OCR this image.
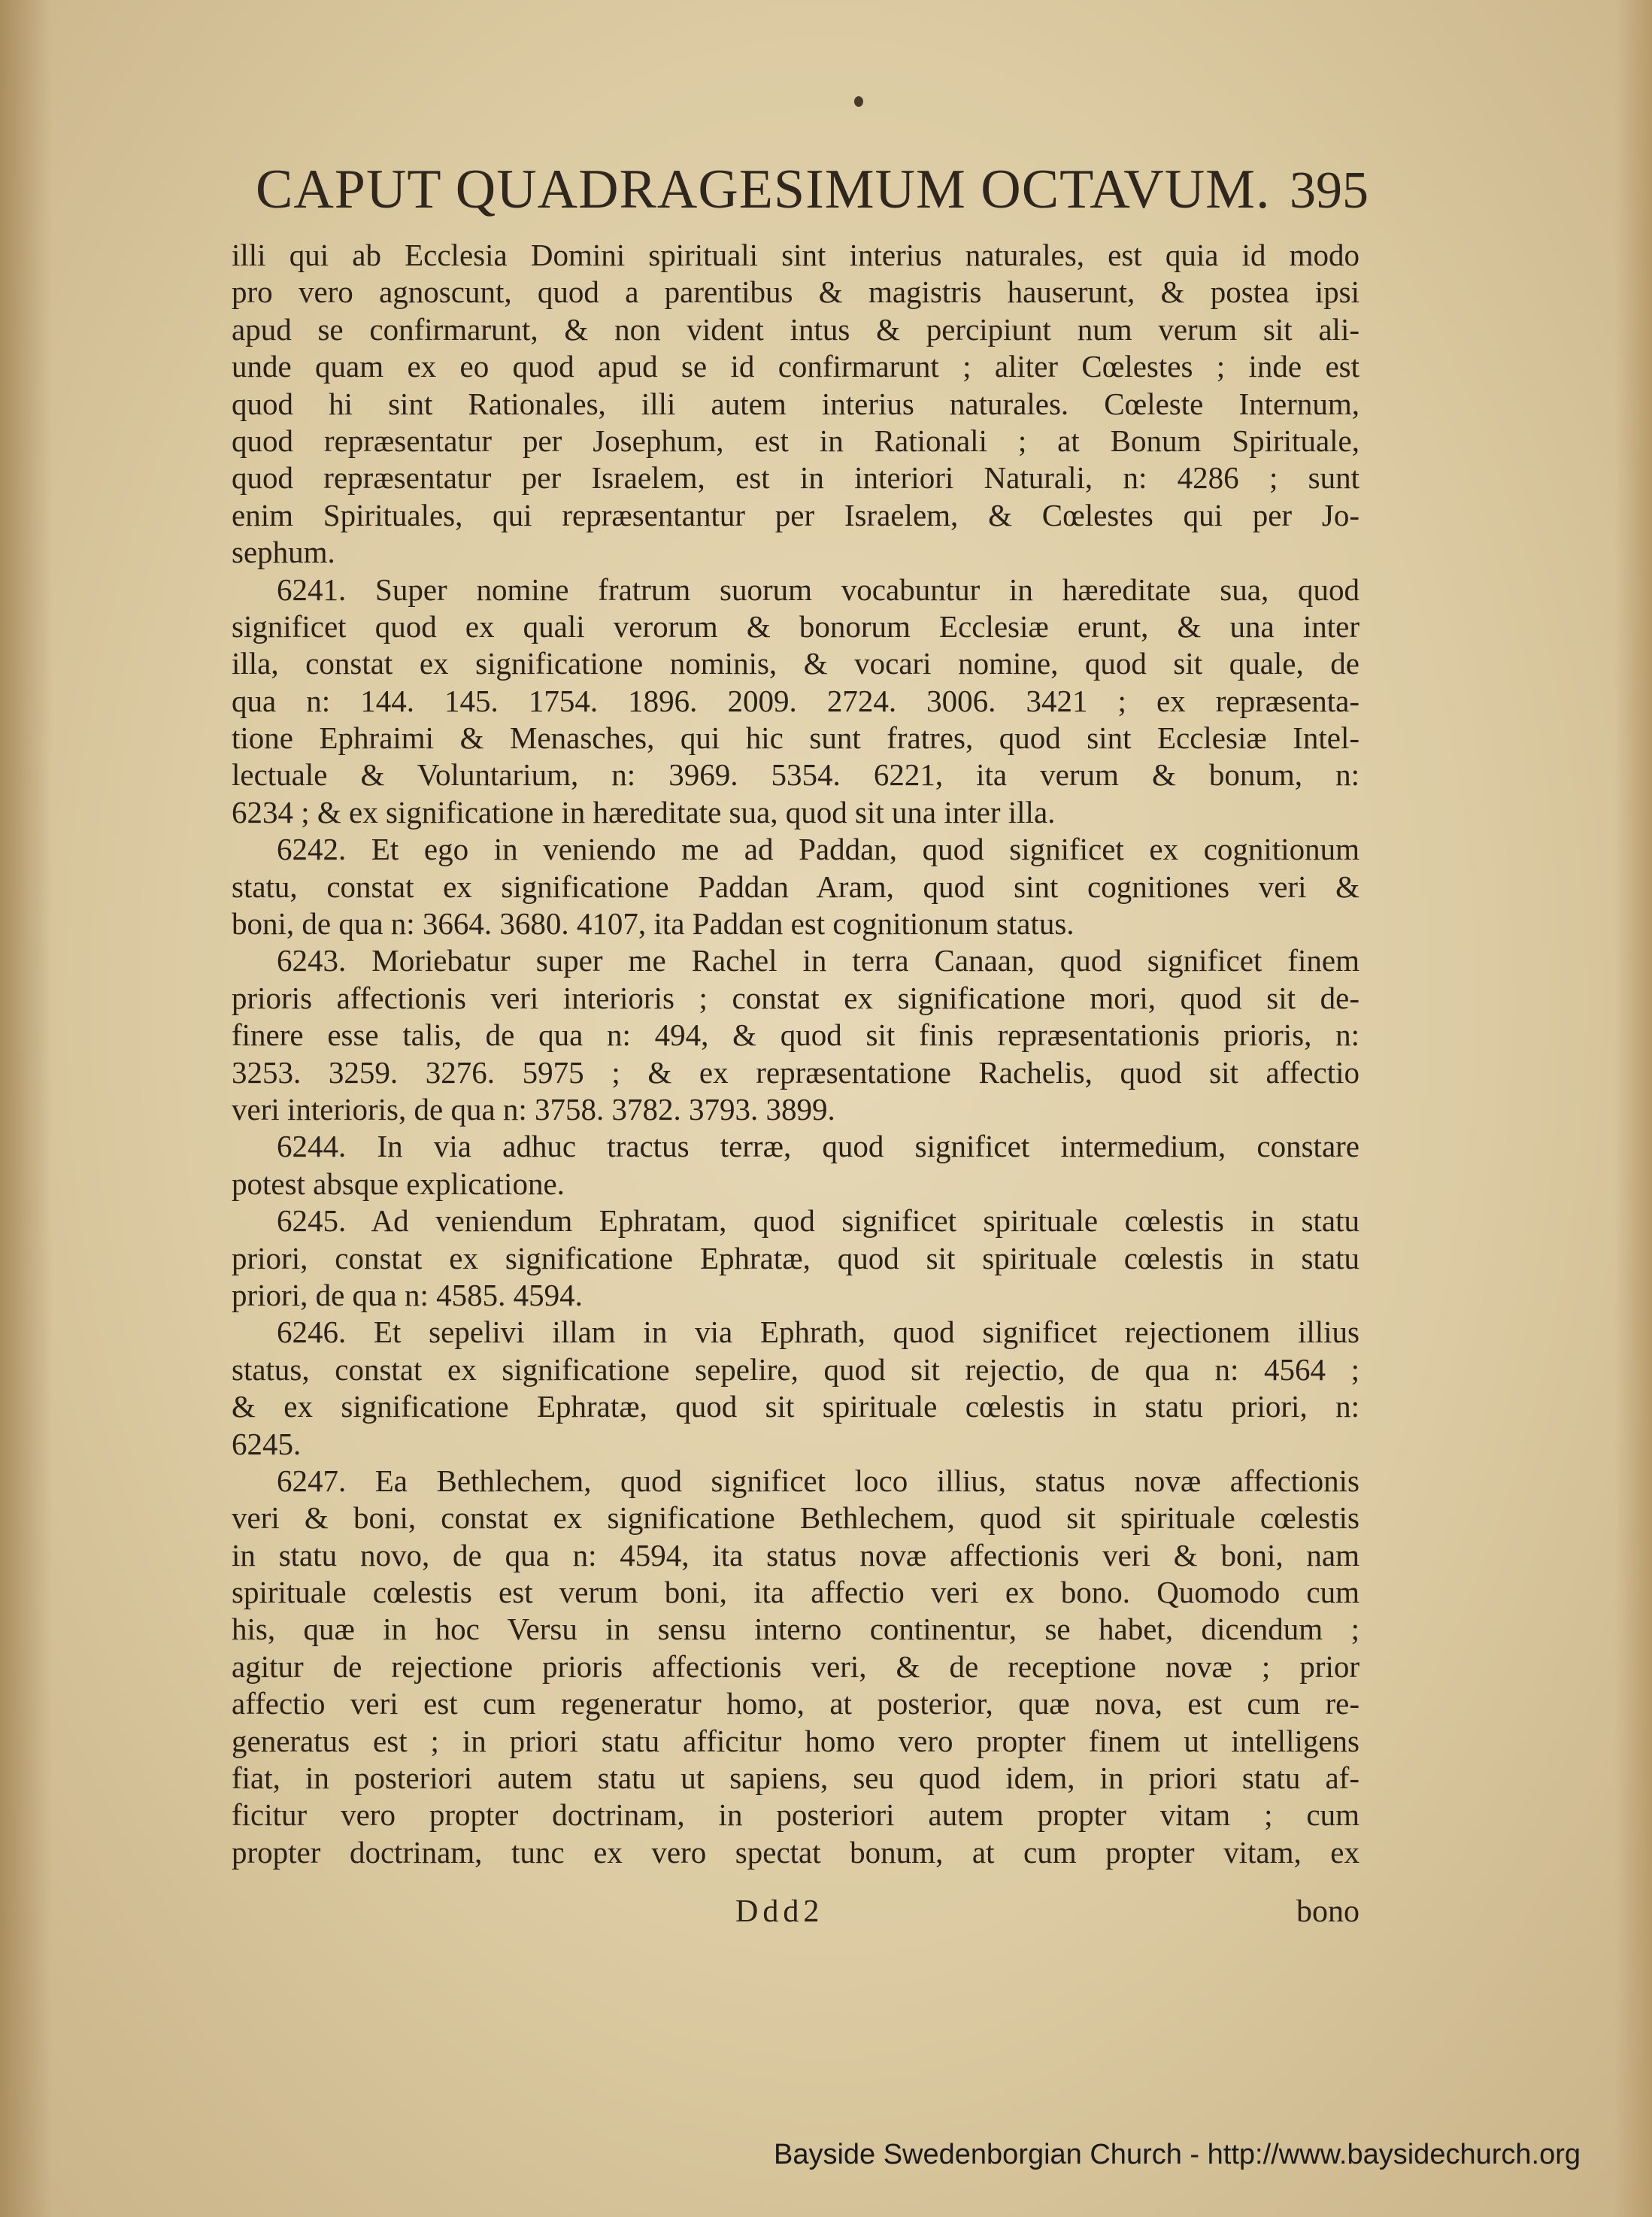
CAPUT QUADRAGESIMUM OCTAVUM. 395
illi qui ab Ecclesia Domini spirituali sint interius naturales, est quia id modo
pro vero agnoscunt, quod a parentibus & magistris hauserunt, & postea ipsi
apud se confirmarunt, & non vident intus & percipiunt num verum sit ali-
unde quam ex eo quod apud se id confirmarunt ; aliter Cœlestes ; inde est
quod hi sint Rationales, illi autem interius naturales. Cœleste Internum,
quod repræsentatur per Josephum, est in Rationali ; at Bonum Spirituale,
quod repræsentatur per Israelem, est in interiori Naturali, n: 4286 ; sunt
enim Spirituales, qui repræsentantur per Israelem, & Cœlestes qui per Jo-
sephum.
6241. Super nomine fratrum suorum vocabuntur in hæreditate sua, quod
significet quod ex quali verorum & bonorum Ecclesiæ erunt, & una inter
illa, constat ex significatione nominis, & vocari nomine, quod sit quale, de
qua n: 144. 145. 1754. 1896. 2009. 2724. 3006. 3421 ; ex repræsenta-
tione Ephraimi & Menasches, qui hic sunt fratres, quod sint Ecclesiæ Intel-
lectuale & Voluntarium, n: 3969. 5354. 6221, ita verum & bonum, n:
6234 ; & ex significatione in hæreditate sua, quod sit una inter illa.
6242. Et ego in veniendo me ad Paddan, quod significet ex cognitionum
statu, constat ex significatione Paddan Aram, quod sint cognitiones veri &
boni, de qua n: 3664. 3680. 4107, ita Paddan est cognitionum status.
6243. Moriebatur super me Rachel in terra Canaan, quod significet finem
prioris affectionis veri interioris ; constat ex significatione mori, quod sit de-
finere esse talis, de qua n: 494, & quod sit finis repræsentationis prioris, n:
3253. 3259. 3276. 5975 ; & ex repræsentatione Rachelis, quod sit affectio
veri interioris, de qua n: 3758. 3782. 3793. 3899.
6244. In via adhuc tractus terræ, quod significet intermedium, constare
potest absque explicatione.
6245. Ad veniendum Ephratam, quod significet spirituale cœlestis in statu
priori, constat ex significatione Ephratæ, quod sit spirituale cœlestis in statu
priori, de qua n: 4585. 4594.
6246. Et sepelivi illam in via Ephrath, quod significet rejectionem illius
status, constat ex significatione sepelire, quod sit rejectio, de qua n: 4564 ;
& ex significatione Ephratæ, quod sit spirituale cœlestis in statu priori, n:
6245.
6247. Ea Bethlechem, quod significet loco illius, status novæ affectionis
veri & boni, constat ex significatione Bethlechem, quod sit spirituale cœlestis
in statu novo, de qua n: 4594, ita status novæ affectionis veri & boni, nam
spirituale cœlestis est verum boni, ita affectio veri ex bono. Quomodo cum
his, quæ in hoc Versu in sensu interno continentur, se habet, dicendum ;
agitur de rejectione prioris affectionis veri, & de receptione novæ ; prior
affectio veri est cum regeneratur homo, at posterior, quæ nova, est cum re-
generatus est ; in priori statu afficitur homo vero propter finem ut intelligens
fiat, in posteriori autem statu ut sapiens, seu quod idem, in priori statu af-
ficitur vero propter doctrinam, in posteriori autem propter vitam ; cum
propter doctrinam, tunc ex vero spectat bonum, at cum propter vitam, ex
Ddd2	bono
Bayside Swedenborgian Church - http://www.baysidechurch.org
